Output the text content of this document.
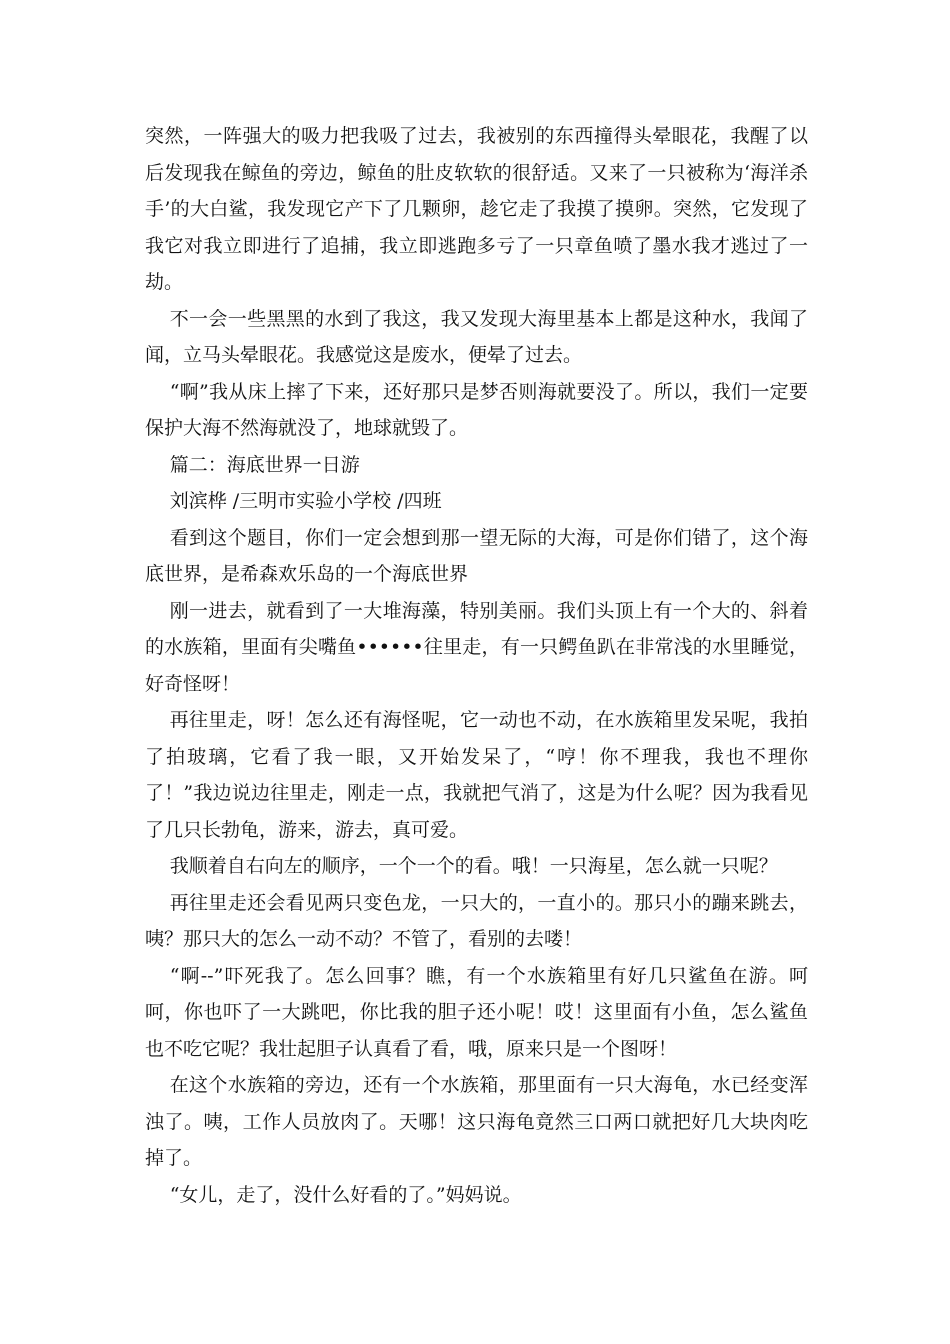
突然，一阵强大的吸力把我吸了过去，我被别的东西撞得头晕眼花，我醒了以后发现我在鲸鱼的旁边，鲸鱼的肚皮软软的很舒适。又来了一只被称为‘海洋杀手’的大白鲨，我发现它产下了几颗卵，趁它走了我摸了摸卵。突然，它发现了我它对我立即进行了追捕，我立即逃跑多亏了一只章鱼喷了墨水我才逃过了一劫。

不一会一些黑黑的水到了我这，我又发现大海里基本上都是这种水，我闻了闻，立马头晕眼花。我感觉这是废水，便晕了过去。

“啊”我从床上摔了下来，还好那只是梦否则海就要没了。所以，我们一定要保护大海不然海就没了，地球就毁了。

篇二：海底世界一日游

刘滨桦 /三明市实验小学校 /四班

看到这个题目，你们一定会想到那一望无际的大海，可是你们错了，这个海底世界，是希森欢乐岛的一个海底世界

刚一进去，就看到了一大堆海藻，特别美丽。我们头顶上有一个大的、斜着的水族箱，里面有尖嘴鱼••••••往里走，有一只鳄鱼趴在非常浅的水里睡觉，好奇怪呀！

再往里走，呀！怎么还有海怪呢，它一动也不动，在水族箱里发呆呢，我拍了拍玻璃，它看了我一眼，又开始发呆了，“哼！你不理我，我也不理你了！”我边说边往里走，刚走一点，我就把气消了，这是为什么呢？因为我看见了几只长勃龟，游来，游去，真可爱。

我顺着自右向左的顺序，一个一个的看。哦！一只海星，怎么就一只呢？

再往里走还会看见两只变色龙，一只大的，一直小的。那只小的蹦来跳去，咦？那只大的怎么一动不动？不管了，看别的去喽！

“啊--”吓死我了。怎么回事？瞧，有一个水族箱里有好几只鲨鱼在游。呵呵，你也吓了一大跳吧，你比我的胆子还小呢！哎！这里面有小鱼，怎么鲨鱼也不吃它呢？我壮起胆子认真看了看，哦，原来只是一个图呀！

在这个水族箱的旁边，还有一个水族箱，那里面有一只大海龟，水已经变浑浊了。咦，工作人员放肉了。天哪！这只海龟竟然三口两口就把好几大块肉吃掉了。

“女儿，走了，没什么好看的了。”妈妈说。
